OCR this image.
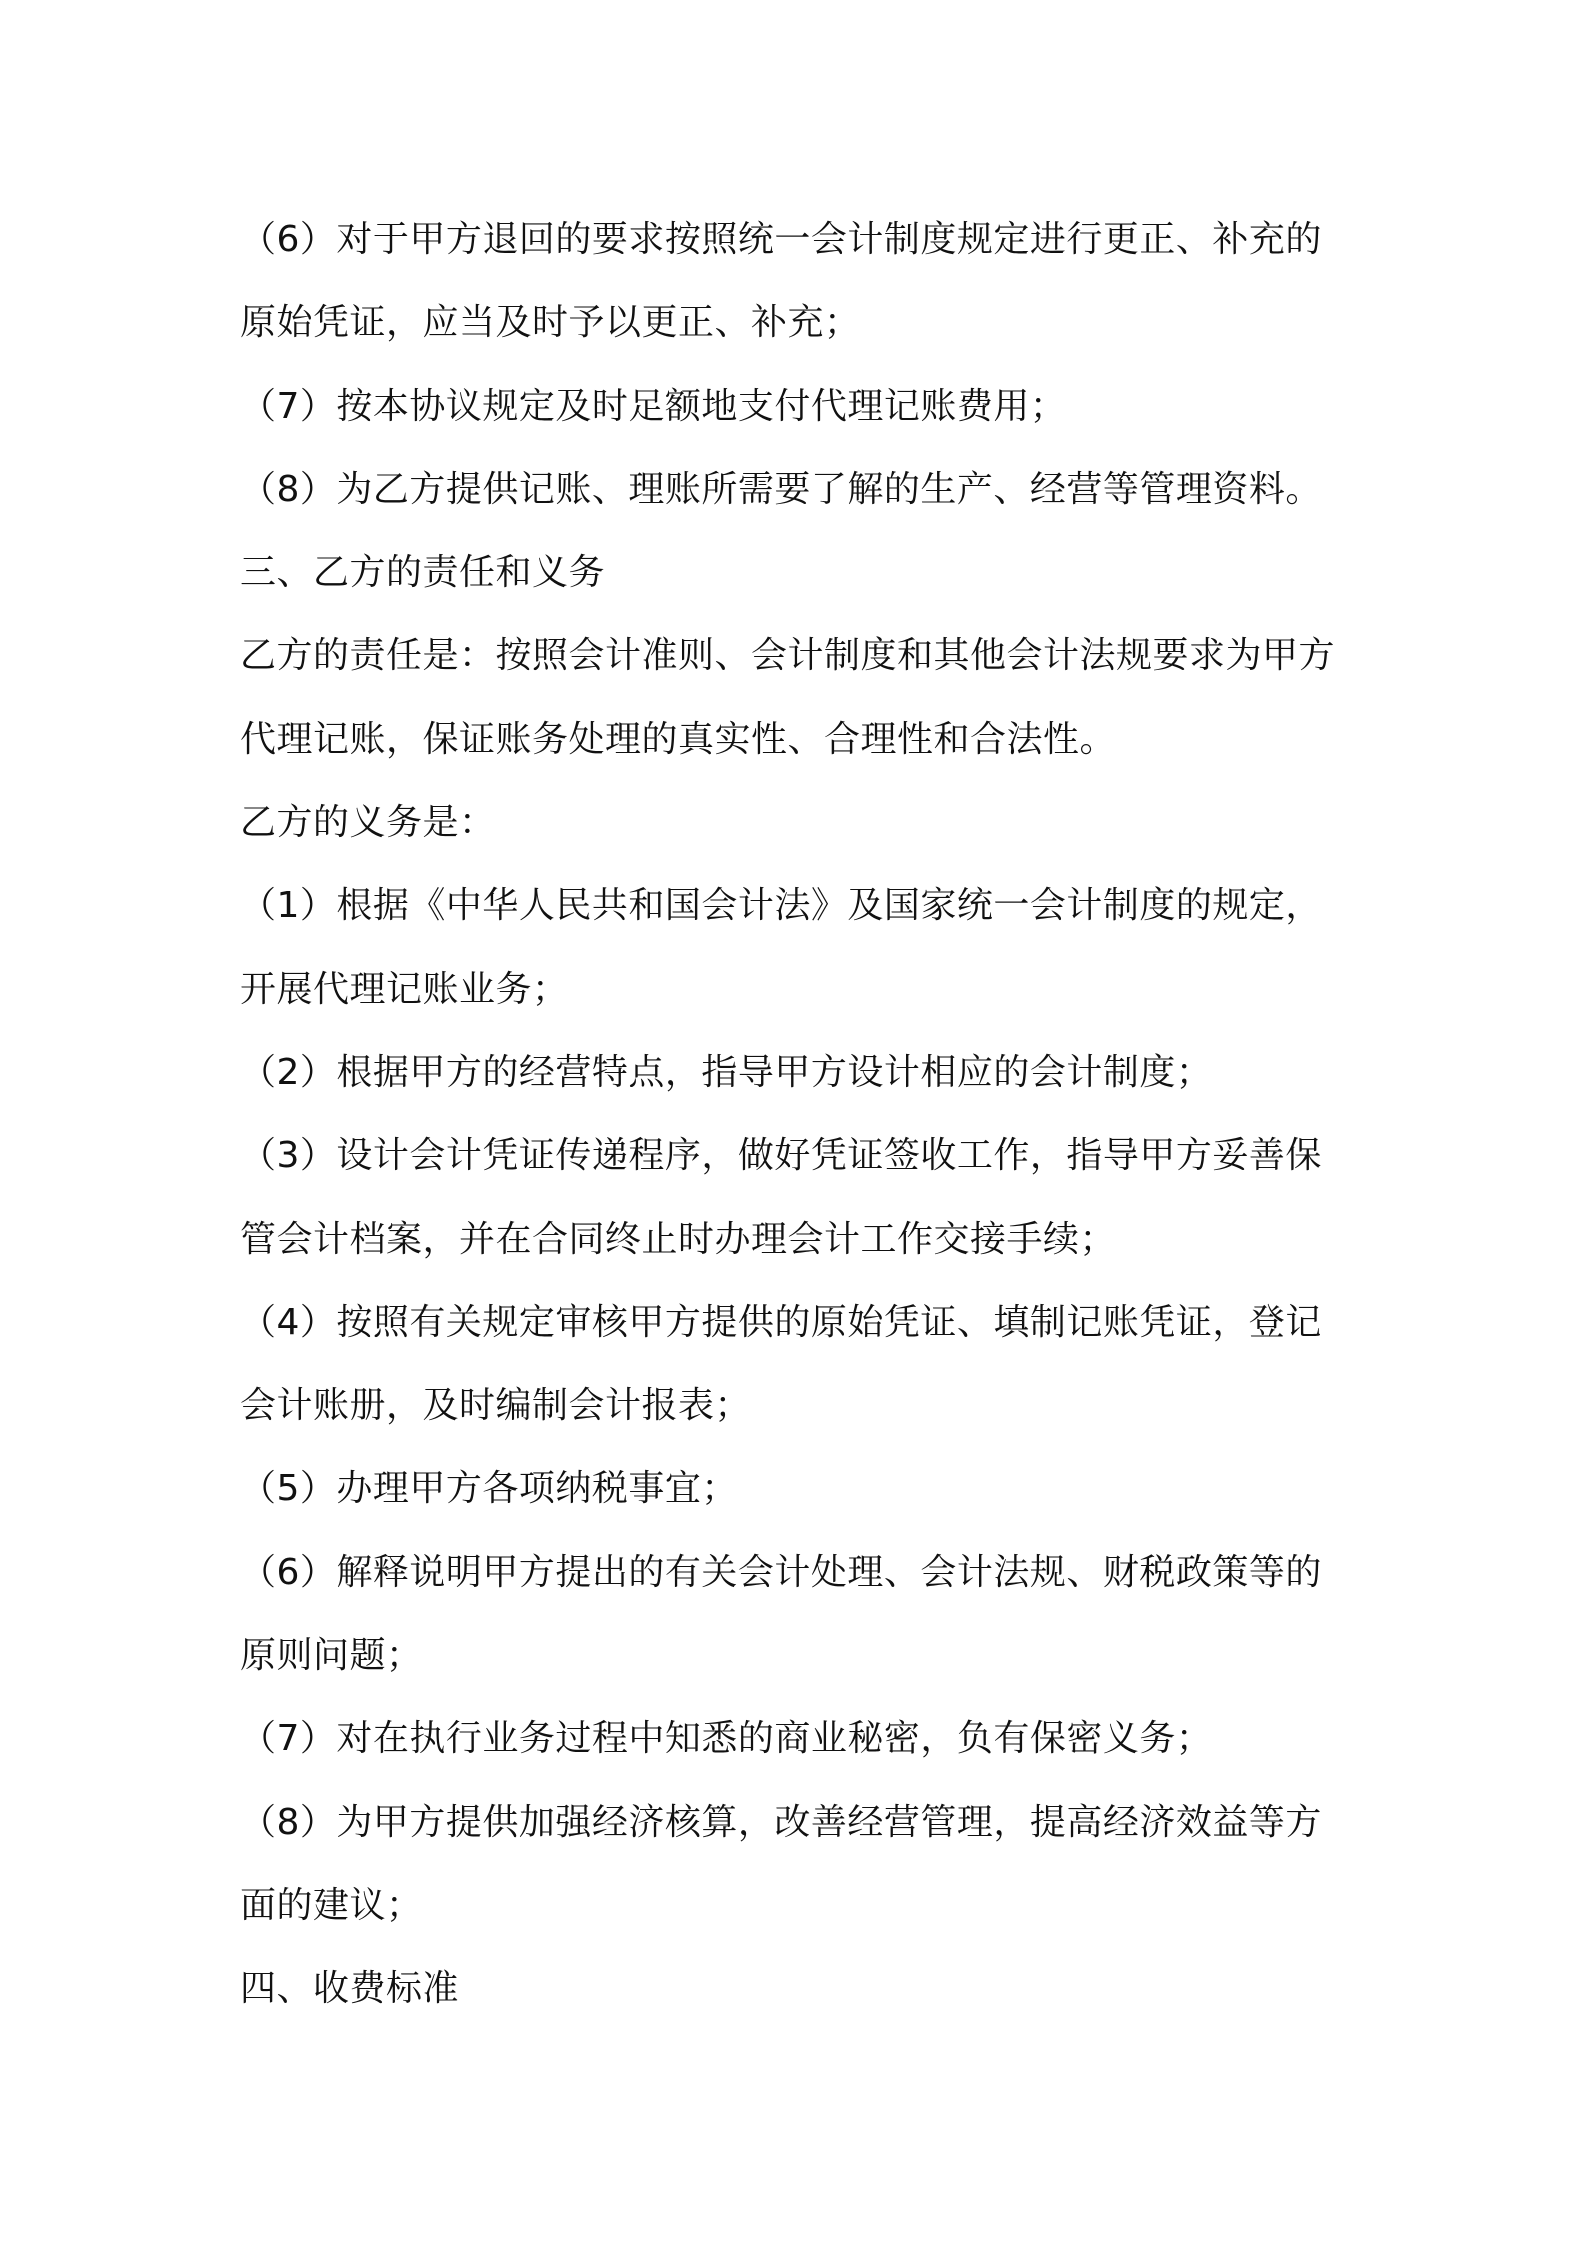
（6）对于甲方退回的要求按照统一会计制度规定进行更正、补充的
原始凭证，应当及时予以更正、补充；
（7）按本协议规定及时足额地支付代理记账费用；
（8）为乙方提供记账、理账所需要了解的生产、经营等管理资料。
三、乙方的责任和义务
乙方的责任是：按照会计准则、会计制度和其他会计法规要求为甲方
代理记账，保证账务处理的真实性、合理性和合法性。
乙方的义务是：
（1）根据《中华人民共和国会计法》及国家统一会计制度的规定，
开展代理记账业务；
（2）根据甲方的经营特点，指导甲方设计相应的会计制度；
（3）设计会计凭证传递程序，做好凭证签收工作，指导甲方妥善保
管会计档案，并在合同终止时办理会计工作交接手续；
（4）按照有关规定审核甲方提供的原始凭证、填制记账凭证，登记
会计账册，及时编制会计报表；
（5）办理甲方各项纳税事宜；
（6）解释说明甲方提出的有关会计处理、会计法规、财税政策等的
原则问题；
（7）对在执行业务过程中知悉的商业秘密，负有保密义务；
（8）为甲方提供加强经济核算，改善经营管理，提高经济效益等方
面的建议；
四、收费标准
